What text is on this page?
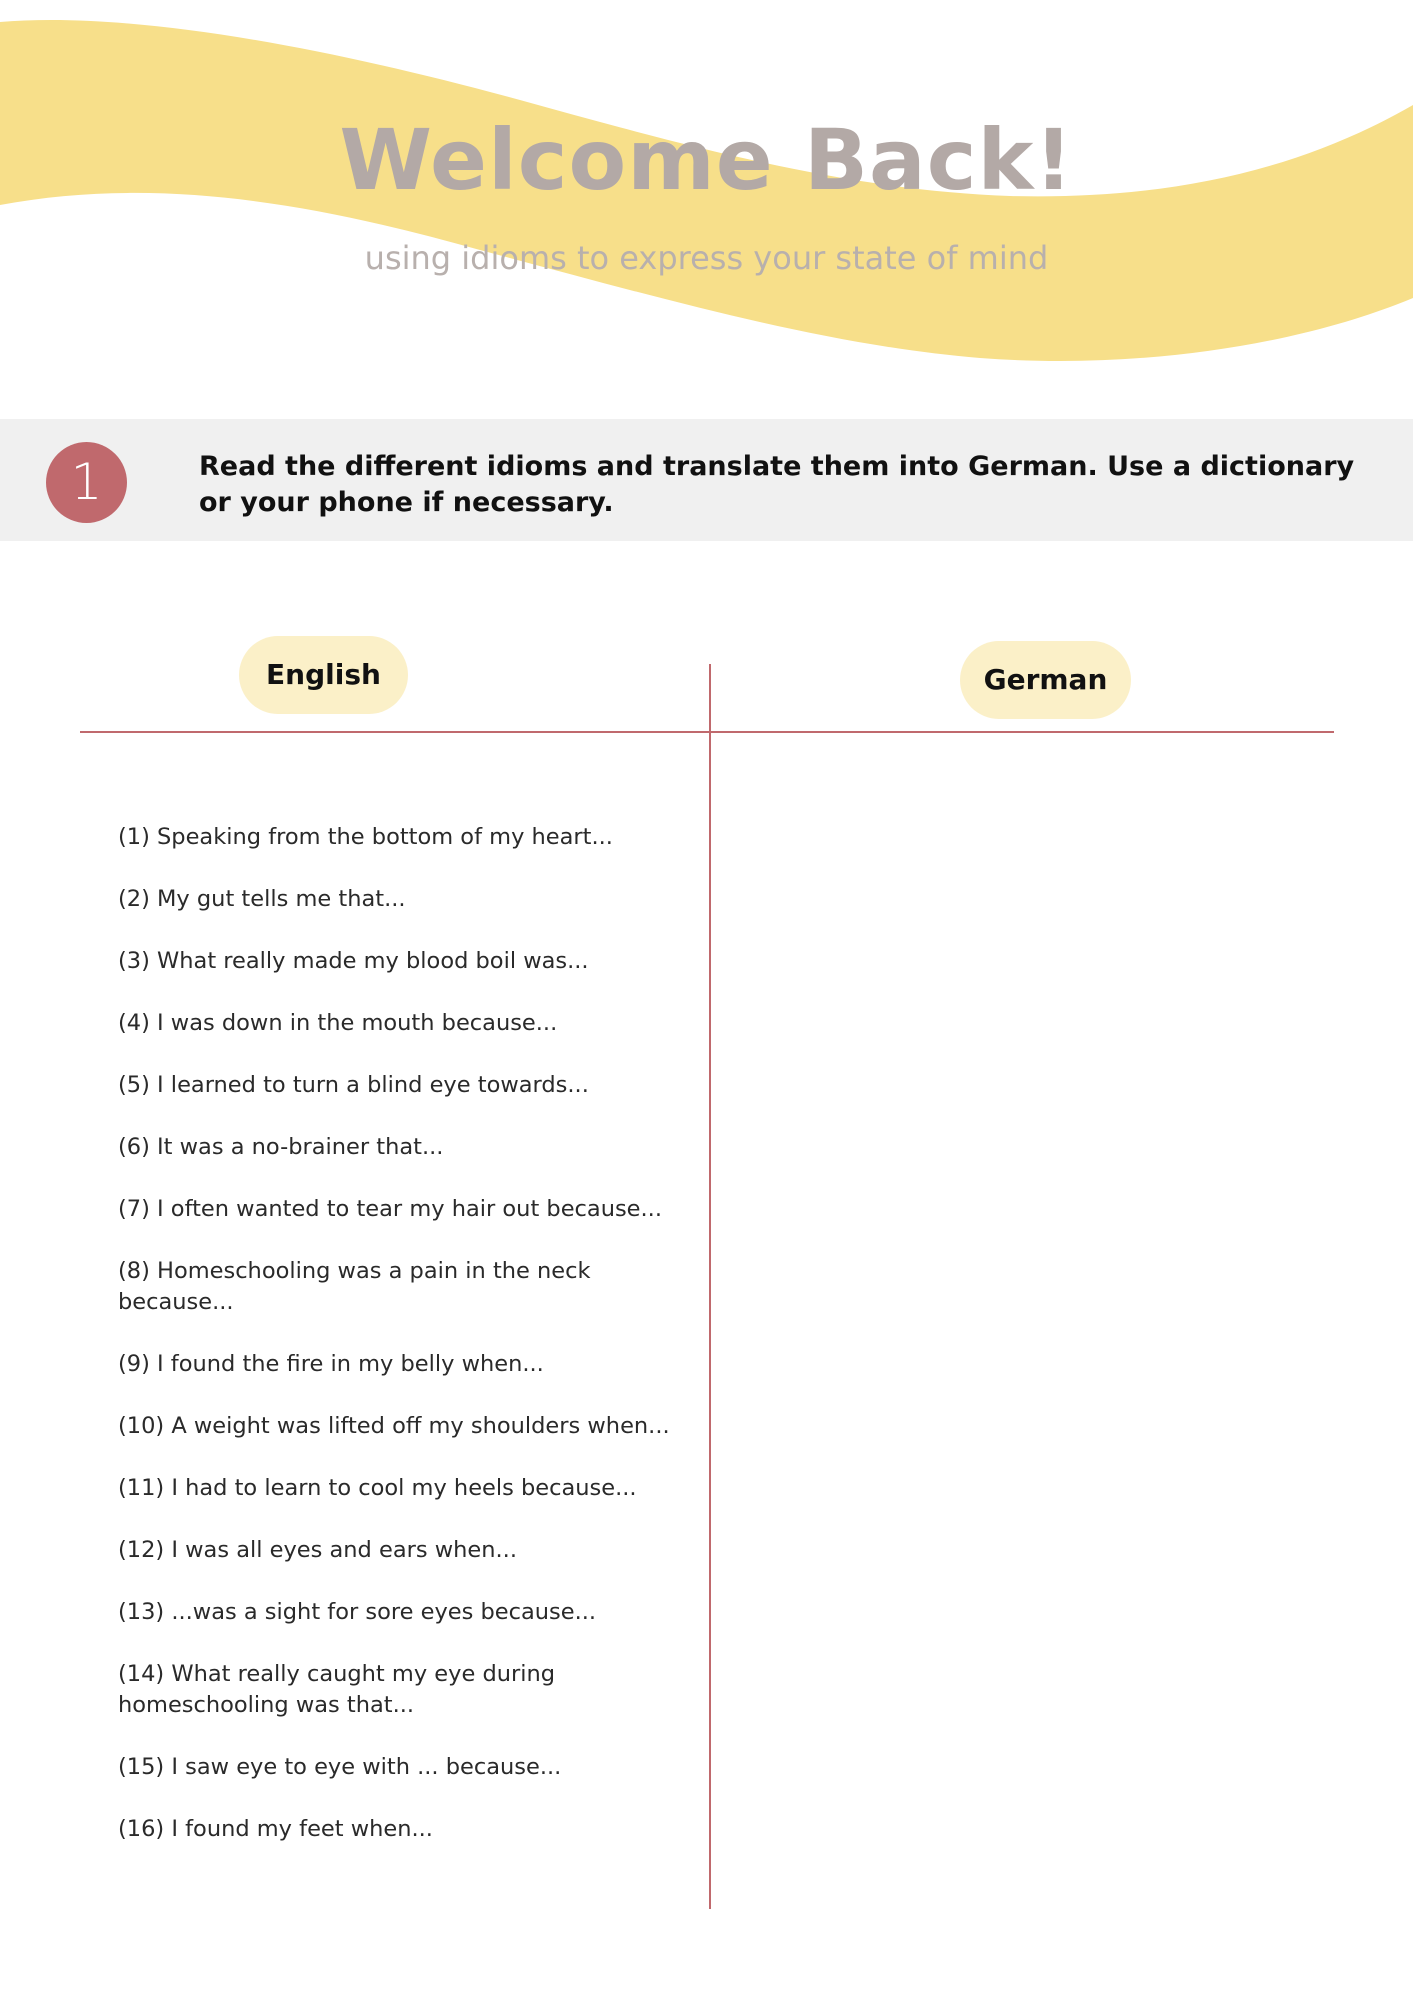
Welcome Back!
using idioms to express your state of mind
1	Read the different idioms and translate them into German. Use a dictionary or your phone if necessary.
English	German
(1) Speaking from the bottom of my heart...
(2) My gut tells me that...
(3) What really made my blood boil was...
(4) I was down in the mouth because...
(5) I learned to turn a blind eye towards...
(6) It was a no-brainer that...
(7) I often wanted to tear my hair out because...
(8) Homeschooling was a pain in the neck because...
(9) I found the fire in my belly when...
(10) A weight was lifted off my shoulders when...
(11) I had to learn to cool my heels because...
(12) I was all eyes and ears when...
(13) ...was a sight for sore eyes because...
(14) What really caught my eye during homeschooling was that...
(15) I saw eye to eye with ... because...
(16) I found my feet when...
